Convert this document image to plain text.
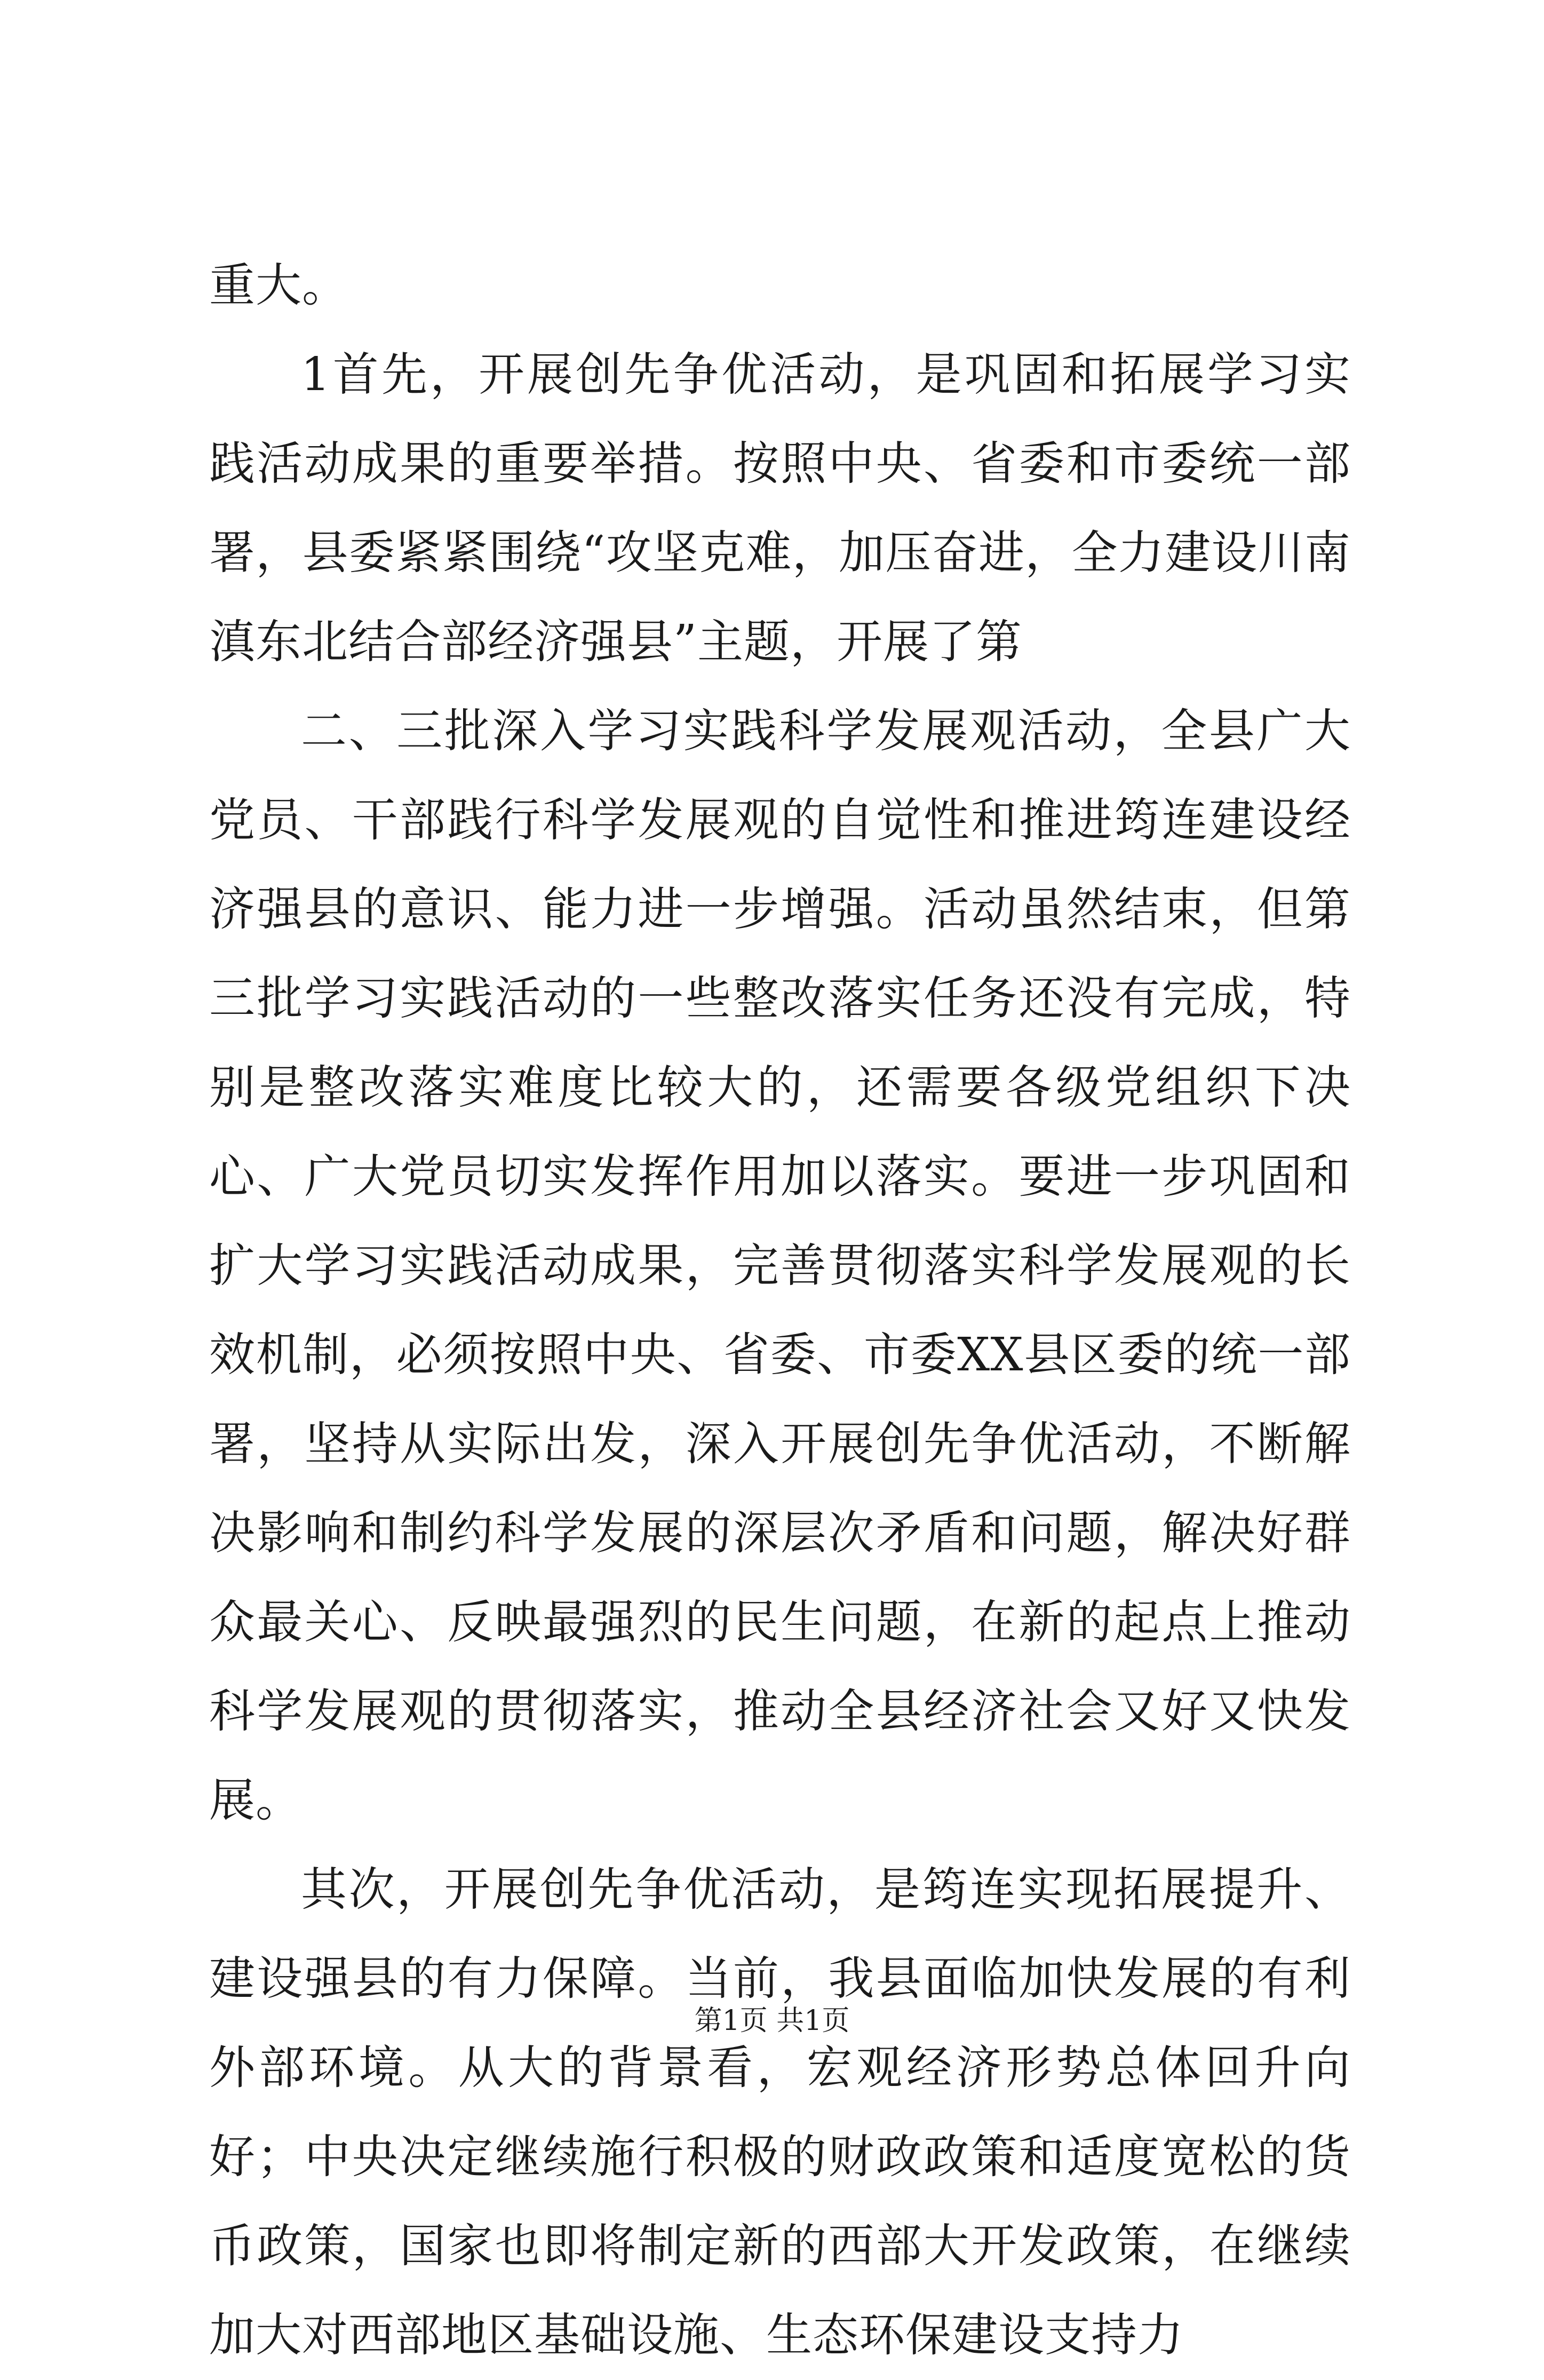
重大。

1首先，开展创先争优活动，是巩固和拓展学习实践活动成果的重要举措。按照中央、省委和市委统一部署，县委紧紧围绕“攻坚克难，加压奋进，全力建设川南滇东北结合部经济强县”主题，开展了第

二、三批深入学习实践科学发展观活动，全县广大党员、干部践行科学发展观的自觉性和推进筠连建设经济强县的意识、能力进一步增强。活动虽然结束，但第三批学习实践活动的一些整改落实任务还没有完成，特别是整改落实难度比较大的，还需要各级党组织下决心、广大党员切实发挥作用加以落实。要进一步巩固和扩大学习实践活动成果，完善贯彻落实科学发展观的长效机制，必须按照中央、省委、市委XX县区委的统一部署，坚持从实际出发，深入开展创先争优活动，不断解决影响和制约科学发展的深层次矛盾和问题，解决好群众最关心、反映最强烈的民生问题，在新的起点上推动科学发展观的贯彻落实，推动全县经济社会又好又快发展。

其次，开展创先争优活动，是筠连实现拓展提升、建设强县的有力保障。当前，我县面临加快发展的有利外部环境。从大的背景看，宏观经济形势总体回升向好；中央决定继续施行积极的财政政策和适度宽松的货币政策，国家也即将制定新的西部大开发政策，在继续加大对西部地区基础设施、生态环保建设支持力

第1页 共1页
